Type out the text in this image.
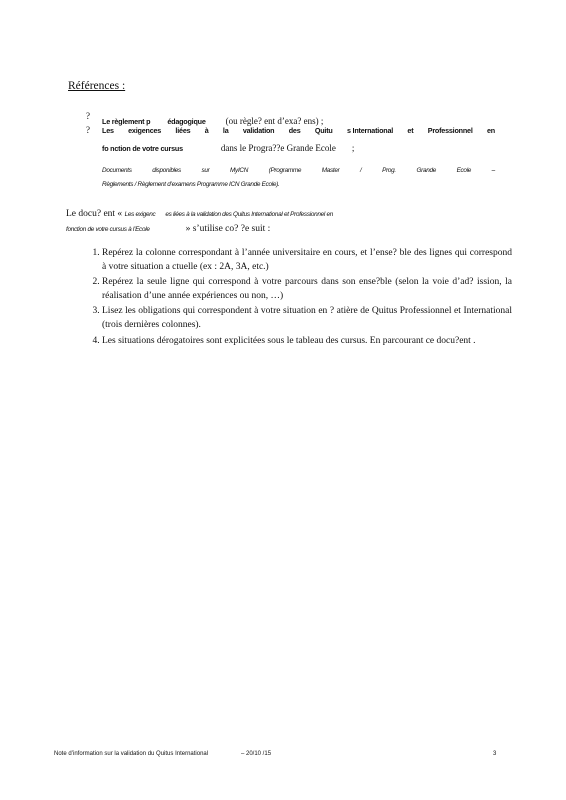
Références :
?
Le règlement p édagogique (ou règle? ent d’exa? ens) ;
? Les exigences liées à la validation des Quitu s International et Professionnel en
fo nction de votre cursus	dans le Progra??e Grande Ecole ;
Documents	disponibles	sur	MyICN	(Programme	Master	/	Prog.	Grande	Ecole	–
Règlements / Règlement d’examens Programme ICN Grande Ecole).
Le docu? ent « Les exigenc es liées à la validation des Quitus International et Professionnel en
fonction de votre cursus à l’Ecole	» s’utilise co? ?e suit :
1. Repérez la colonne correspondant à l’année universitaire en cours, et l’ense? ble des lignes qui correspond à votre situation a ctuelle (ex : 2A, 3A, etc.)
2. Repérez la seule ligne qui correspond à votre parcours dans son ense?ble (selon la voie d’ad? ission, la réalisation d’une année expériences ou non, …)
3. Lisez les obligations qui correspondent à votre situation en ? atière de Quitus Professionnel et International (trois dernières colonnes).
4. Les situations dérogatoires sont explicitées sous le tableau des cursus. En parcourant ce docu?ent .
Note d’information sur la validation du Quitus International	– 20/10 /15	3
